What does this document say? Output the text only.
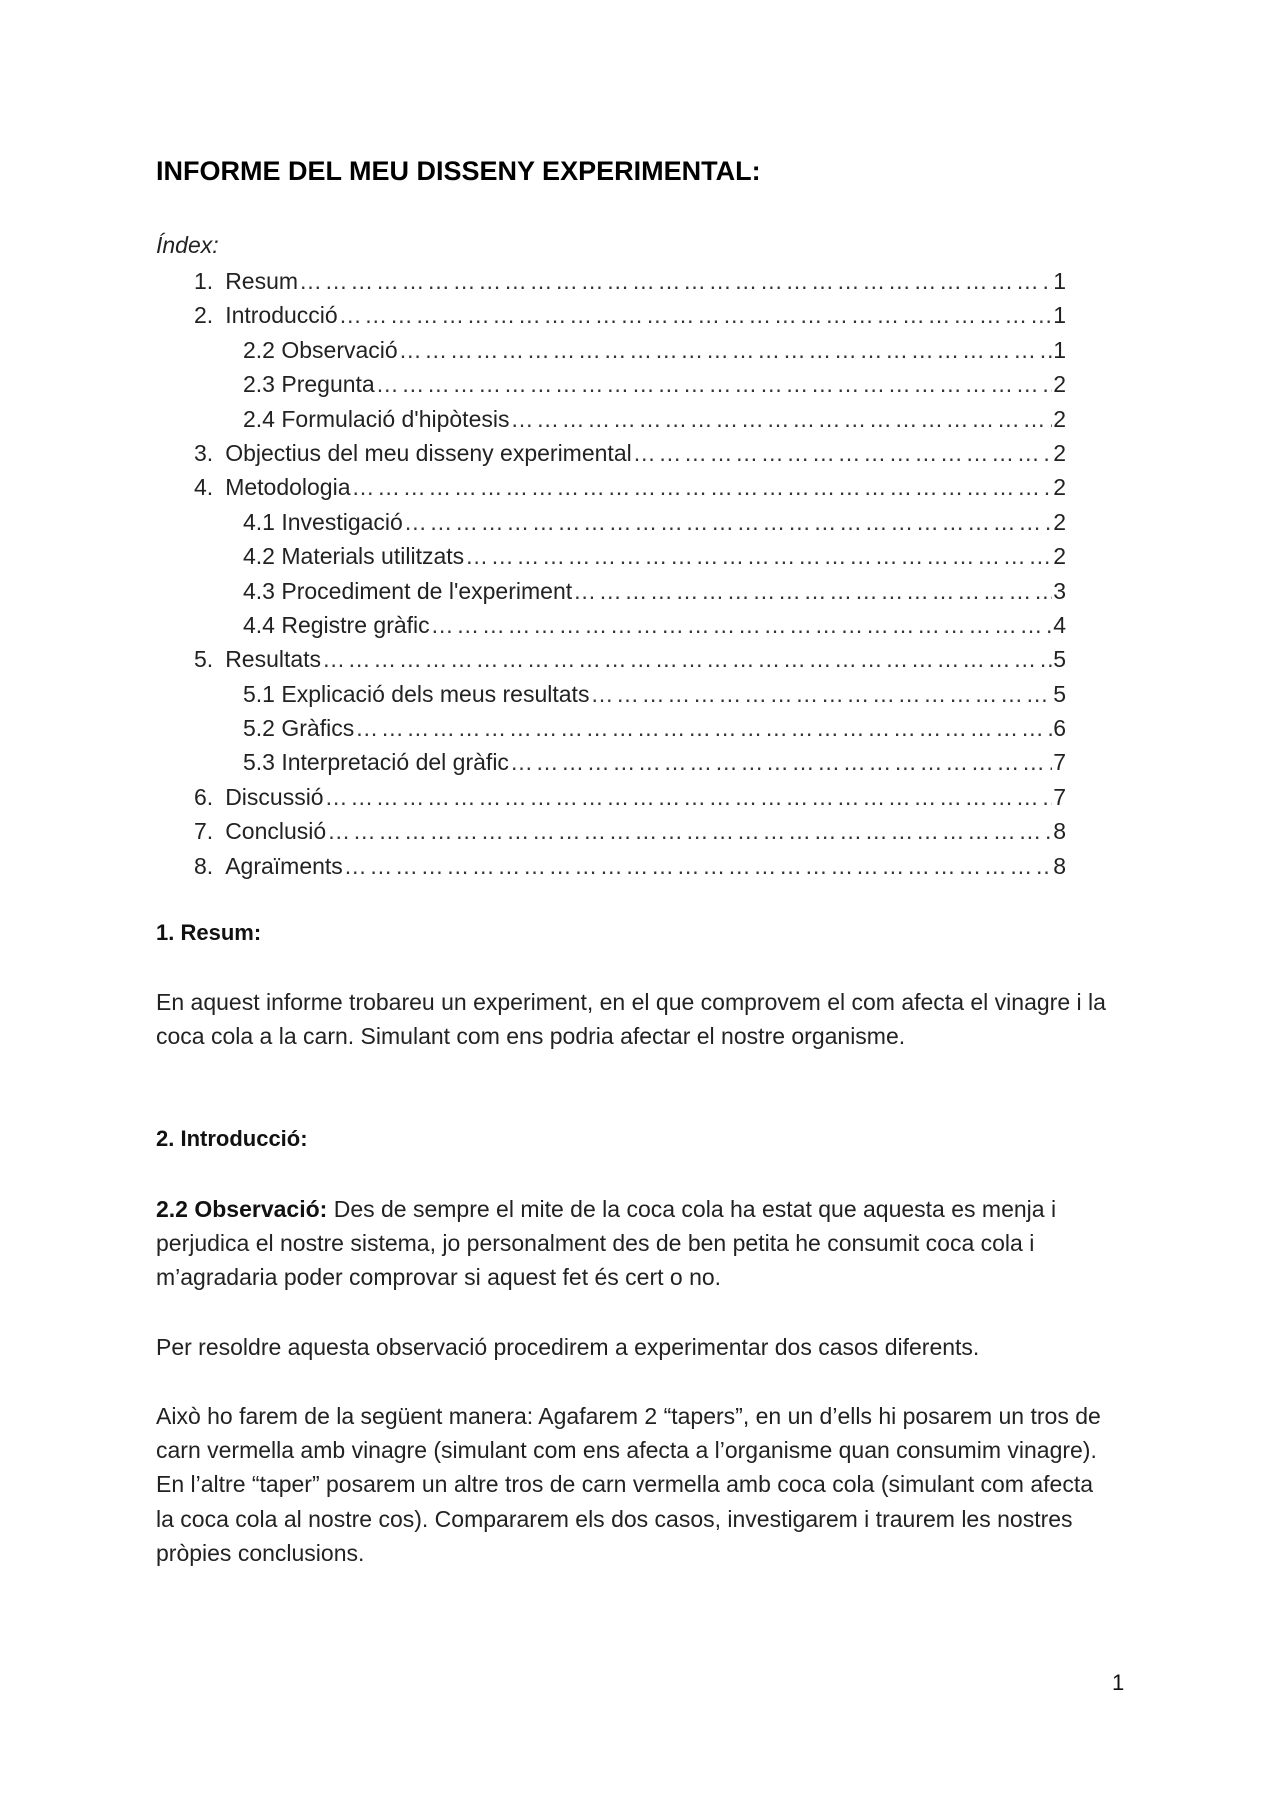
INFORME DEL MEU DISSENY EXPERIMENTAL:
Índex:
1. Resum ……………………………………………………………………………………………………………………………………………………………………………………	1
2. Introducció ……………………………………………………………………………………………………………………………………………………………………………………	1
2.2 Observació ……………………………………………………………………………………………………………………………………………………………………………………	1
2.3 Pregunta ……………………………………………………………………………………………………………………………………………………………………………………	2
2.4 Formulació d'hipòtesis ……………………………………………………………………………………………………………………………………………………………………………………	2
3. Objectius del meu disseny experimental ……………………………………………………………………………………………………………………………………………………………………………………	2
4. Metodologia ……………………………………………………………………………………………………………………………………………………………………………………	2
4.1 Investigació ……………………………………………………………………………………………………………………………………………………………………………………	2
4.2 Materials utilitzats ……………………………………………………………………………………………………………………………………………………………………………………	2
4.3 Procediment de l'experiment ……………………………………………………………………………………………………………………………………………………………………………………	3
4.4 Registre gràfic ……………………………………………………………………………………………………………………………………………………………………………………	4
5. Resultats ……………………………………………………………………………………………………………………………………………………………………………………	5
5.1 Explicació dels meus resultats ……………………………………………………………………………………………………………………………………………………………………………………	5
5.2 Gràfics ……………………………………………………………………………………………………………………………………………………………………………………	6
5.3 Interpretació del gràfic ……………………………………………………………………………………………………………………………………………………………………………………	7
6. Discussió ……………………………………………………………………………………………………………………………………………………………………………………	7
7. Conclusió ……………………………………………………………………………………………………………………………………………………………………………………	8
8. Agraïments ……………………………………………………………………………………………………………………………………………………………………………………	8
1. Resum:

En aquest informe trobareu un experiment, en el que comprovem el com afecta el vinagre i la coca cola a la carn. Simulant com ens podria afectar el nostre organisme.

2. Introducció:

2.2 Observació: Des de sempre el mite de la coca cola ha estat que aquesta es menja i perjudica el nostre sistema, jo personalment des de ben petita he consumit coca cola i m’agradaria poder comprovar si aquest fet és cert o no.

Per resoldre aquesta observació procedirem a experimentar dos casos diferents.

Això ho farem de la següent manera: Agafarem 2 “tapers”, en un d’ells hi posarem un tros de carn vermella amb vinagre (simulant com ens afecta a l’organisme quan consumim vinagre). En l’altre “taper” posarem un altre tros de carn vermella amb coca cola (simulant com afecta la coca cola al nostre cos). Compararem els dos casos, investigarem i traurem les nostres pròpies conclusions.

1
